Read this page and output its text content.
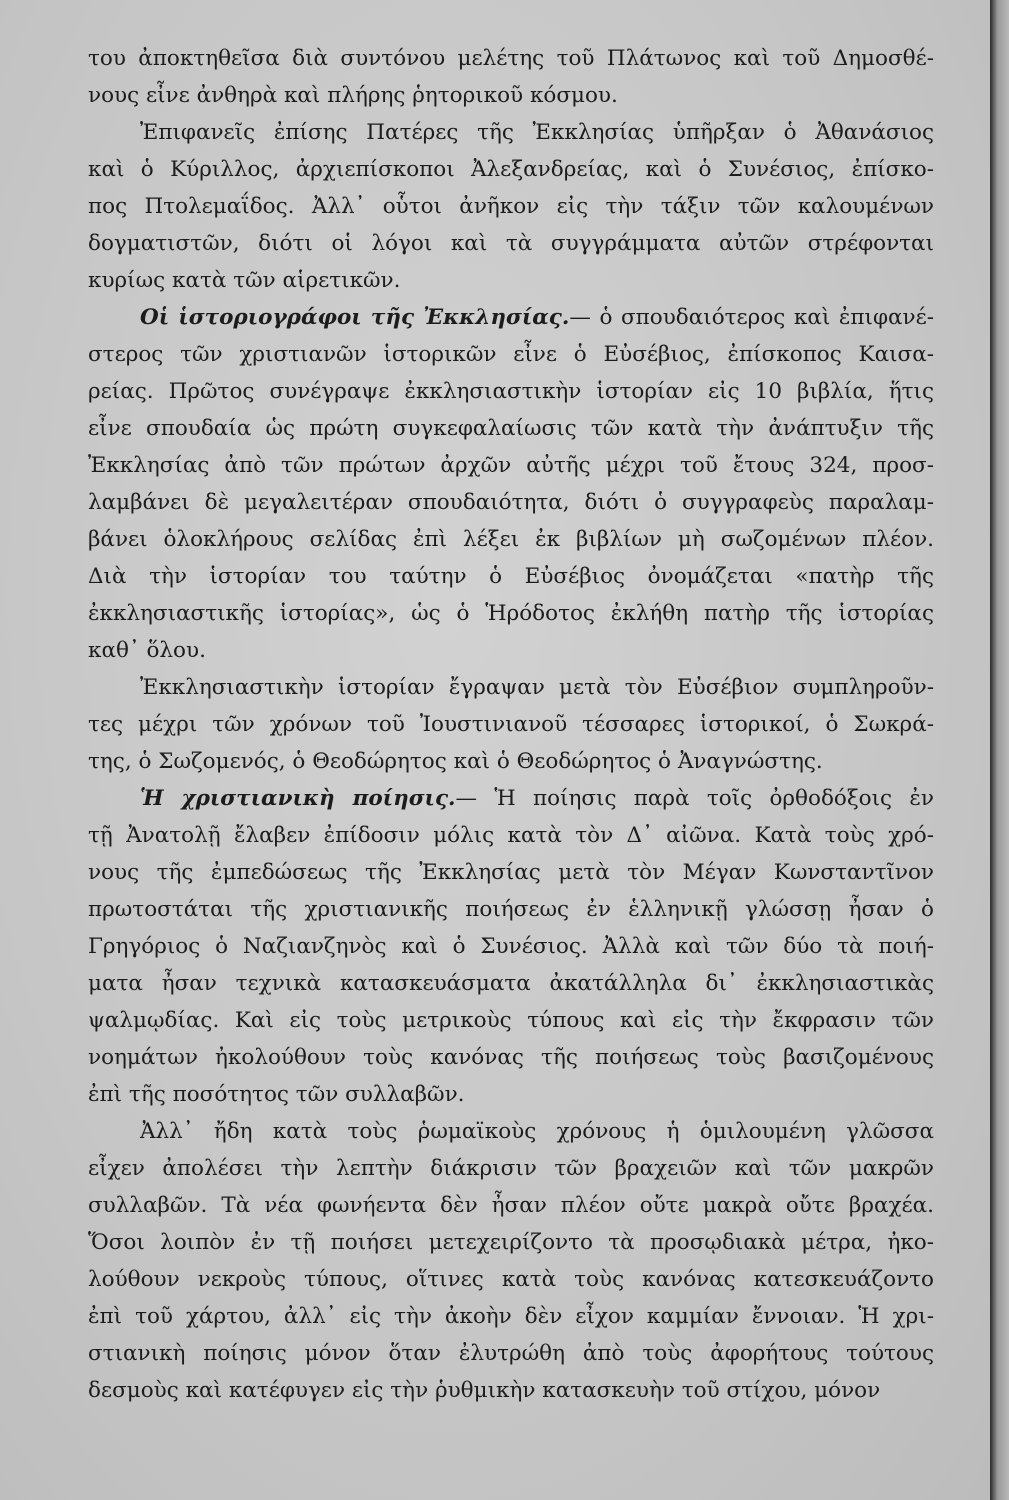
του ἀποκτηθεῖσα διὰ συντόνου μελέτης τοῦ Πλάτωνος καὶ τοῦ Δημοσθέ-
νους εἶνε ἀνθηρὰ καὶ πλήρης ῥητορικοῦ κόσμου.

Ἐπιφανεῖς ἐπίσης Πατέρες τῆς Ἐκκλησίας ὑπῆρξαν ὁ Ἀθανάσιος
καὶ ὁ Κύριλλος, ἀρχιεπίσκοποι Ἀλεξανδρείας, καὶ ὁ Συνέσιος, ἐπίσκο-
πος Πτολεμαΐδος. Ἀλλ᾽ οὗτοι ἀνῆκον εἰς τὴν τάξιν τῶν καλουμένων
δογματιστῶν, διότι οἱ λόγοι καὶ τὰ συγγράμματα αὐτῶν στρέφονται
κυρίως κατὰ τῶν αἱρετικῶν.

Οἱ ἱστοριογράφοι τῆς Ἐκκλησίας.— ὁ σπουδαιότερος καὶ ἐπιφανέ-
στερος τῶν χριστιανῶν ἱστορικῶν εἶνε ὁ Εὐσέβιος, ἐπίσκοπος Καισα-
ρείας. Πρῶτος συνέγραψε ἐκκλησιαστικὴν ἱστορίαν εἰς 10 βιβλία, ἥτις
εἶνε σπουδαία ὡς πρώτη συγκεφαλαίωσις τῶν κατὰ τὴν ἀνάπτυξιν τῆς
Ἐκκλησίας ἀπὸ τῶν πρώτων ἀρχῶν αὐτῆς μέχρι τοῦ ἔτους 324, προσ-
λαμβάνει δὲ μεγαλειτέραν σπουδαιότητα, διότι ὁ συγγραφεὺς παραλαμ-
βάνει ὁλοκλήρους σελίδας ἐπὶ λέξει ἐκ βιβλίων μὴ σωζομένων πλέον.
Διὰ τὴν ἱστορίαν του ταύτην ὁ Εὐσέβιος ὀνομάζεται «πατὴρ τῆς
ἐκκλησιαστικῆς ἱστορίας», ὡς ὁ Ἡρόδοτος ἐκλήθη πατὴρ τῆς ἱστορίας
καθ᾽ ὅλου.

Ἐκκλησιαστικὴν ἱστορίαν ἔγραψαν μετὰ τὸν Εὐσέβιον συμπληροῦν-
τες μέχρι τῶν χρόνων τοῦ Ἰουστινιανοῦ τέσσαρες ἱστορικοί, ὁ Σωκρά-
της, ὁ Σωζομενός, ὁ Θεοδώρητος καὶ ὁ Θεοδώρητος ὁ Ἀναγνώστης.

Ἡ χριστιανικὴ ποίησις.— Ἡ ποίησις παρὰ τοῖς ὀρθοδόξοις ἐν
τῇ Ἀνατολῇ ἔλαβεν ἐπίδοσιν μόλις κατὰ τὸν Δ᾽ αἰῶνα. Κατὰ τοὺς χρό-
νους τῆς ἐμπεδώσεως τῆς Ἐκκλησίας μετὰ τὸν Μέγαν Κωνσταντῖνον
πρωτοστάται τῆς χριστιανικῆς ποιήσεως ἐν ἑλληνικῇ γλώσσῃ ἦσαν ὁ
Γρηγόριος ὁ Ναζιανζηνὸς καὶ ὁ Συνέσιος. Ἀλλὰ καὶ τῶν δύο τὰ ποιή-
ματα ἦσαν τεχνικὰ κατασκευάσματα ἀκατάλληλα δι᾽ ἐκκλησιαστικὰς
ψαλμῳδίας. Καὶ εἰς τοὺς μετρικοὺς τύπους καὶ εἰς τὴν ἔκφρασιν τῶν
νοημάτων ἠκολούθουν τοὺς κανόνας τῆς ποιήσεως τοὺς βασιζομένους
ἐπὶ τῆς ποσότητος τῶν συλλαβῶν.

Ἀλλ᾽ ἤδη κατὰ τοὺς ῥωμαϊκοὺς χρόνους ἡ ὁμιλουμένη γλῶσσα
εἶχεν ἀπολέσει τὴν λεπτὴν διάκρισιν τῶν βραχειῶν καὶ τῶν μακρῶν
συλλαβῶν. Τὰ νέα φωνήεντα δὲν ἦσαν πλέον οὔτε μακρὰ οὔτε βραχέα.
Ὅσοι λοιπὸν ἐν τῇ ποιήσει μετεχειρίζοντο τὰ προσῳδιακὰ μέτρα, ἠκο-
λούθουν νεκροὺς τύπους, οἵτινες κατὰ τοὺς κανόνας κατεσκευάζοντο
ἐπὶ τοῦ χάρτου, ἀλλ᾽ εἰς τὴν ἀκοὴν δὲν εἶχον καμμίαν ἔννοιαν. Ἡ χρι-
στιανικὴ ποίησις μόνον ὅταν ἐλυτρώθη ἀπὸ τοὺς ἀφορήτους τούτους
δεσμοὺς καὶ κατέφυγεν εἰς τὴν ῥυθμικὴν κατασκευὴν τοῦ στίχου, μόνον
